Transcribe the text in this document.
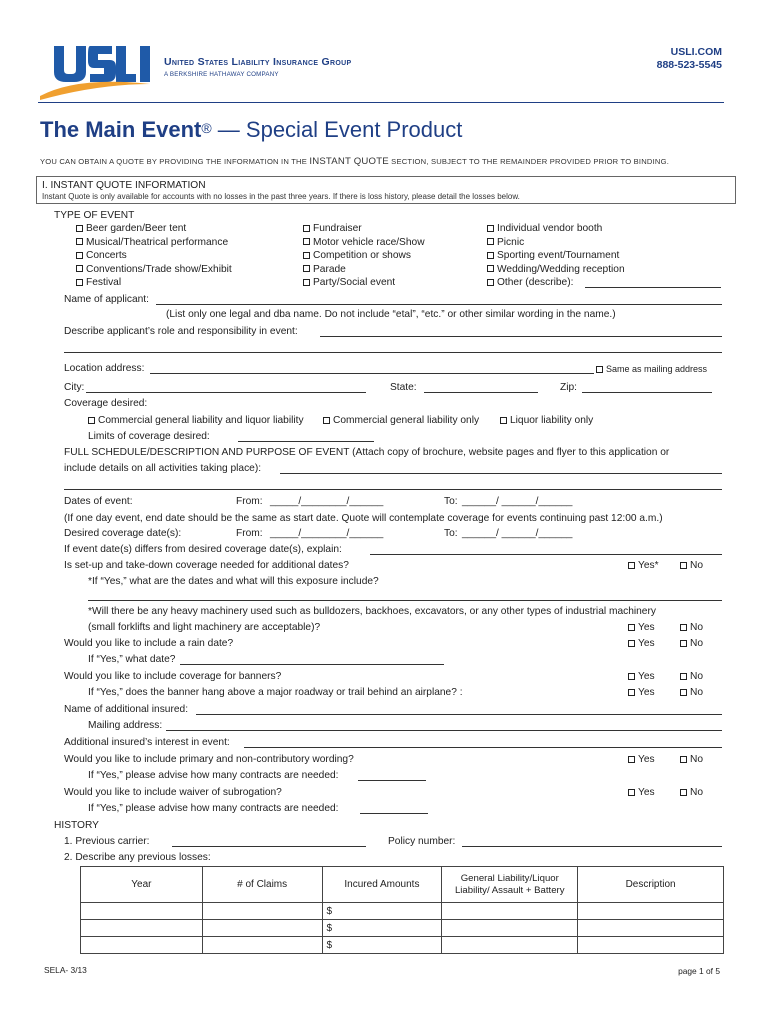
United States Liability Insurance Group
A BERKSHIRE HATHAWAY COMPANY
USLI.COM
888-523-5545
The Main Event® — Special Event Product
YOU CAN OBTAIN A QUOTE BY PROVIDING THE INFORMATION IN THE INSTANT QUOTE SECTION, SUBJECT TO THE REMAINDER PROVIDED PRIOR TO BINDING.
I. INSTANT QUOTE INFORMATION
Instant Quote is only available for accounts with no losses in the past three years. If there is loss history, please detail the losses below.
TYPE OF EVENT
Beer garden/Beer tent
Musical/Theatrical performance
Concerts
Conventions/Trade show/Exhibit
Festival
Fundraiser
Motor vehicle race/Show
Competition or shows
Parade
Party/Social event
Individual vendor booth
Picnic
Sporting event/Tournament
Wedding/Wedding reception
Other (describe):
Name of applicant:
(List only one legal and dba name. Do not include “etal”, “etc.” or other similar wording in the name.)
Describe applicant’s role and responsibility in event:
Location address:	Same as mailing address
City:	State:	Zip:
Coverage desired:
Commercial general liability and liquor liability	Commercial general liability only	Liquor liability only
Limits of coverage desired:
FULL SCHEDULE/DESCRIPTION AND PURPOSE OF EVENT (Attach copy of brochure, website pages and flyer to this application or
include details on all activities taking place):
Dates of event:	From: _____/________/______	To: ______/ ______/______
(If one day event, end date should be the same as start date. Quote will contemplate coverage for events continuing past 12:00 a.m.)
Desired coverage date(s):	From: _____/________/______	To: ______/ ______/______
If event date(s) differs from desired coverage date(s), explain:
Is set-up and take-down coverage needed for additional dates?	Yes*	No
*If “Yes,” what are the dates and what will this exposure include?
*Will there be any heavy machinery used such as bulldozers, backhoes, excavators, or any other types of industrial machinery
(small forklifts and light machinery are acceptable)?	Yes	No
Would you like to include a rain date?	Yes	No
If “Yes,” what date?
Would you like to include coverage for banners?	Yes	No
If “Yes,” does the banner hang above a major roadway or trail behind an airplane? :	Yes	No
Name of additional insured:
Mailing address:
Additional insured’s interest in event:
Would you like to include primary and non-contributory wording?	Yes	No
If “Yes,” please advise how many contracts are needed:
Would you like to include waiver of subrogation?	Yes	No
If “Yes,” please advise how many contracts are needed:
HISTORY
1. Previous carrier:	Policy number:
2. Describe any previous losses:
Year	# of Claims	Incured Amounts	General Liability/Liquor Liability/ Assault + Battery	Description
		$		
		$		
		$		
SELA- 3/13	page 1 of 5
